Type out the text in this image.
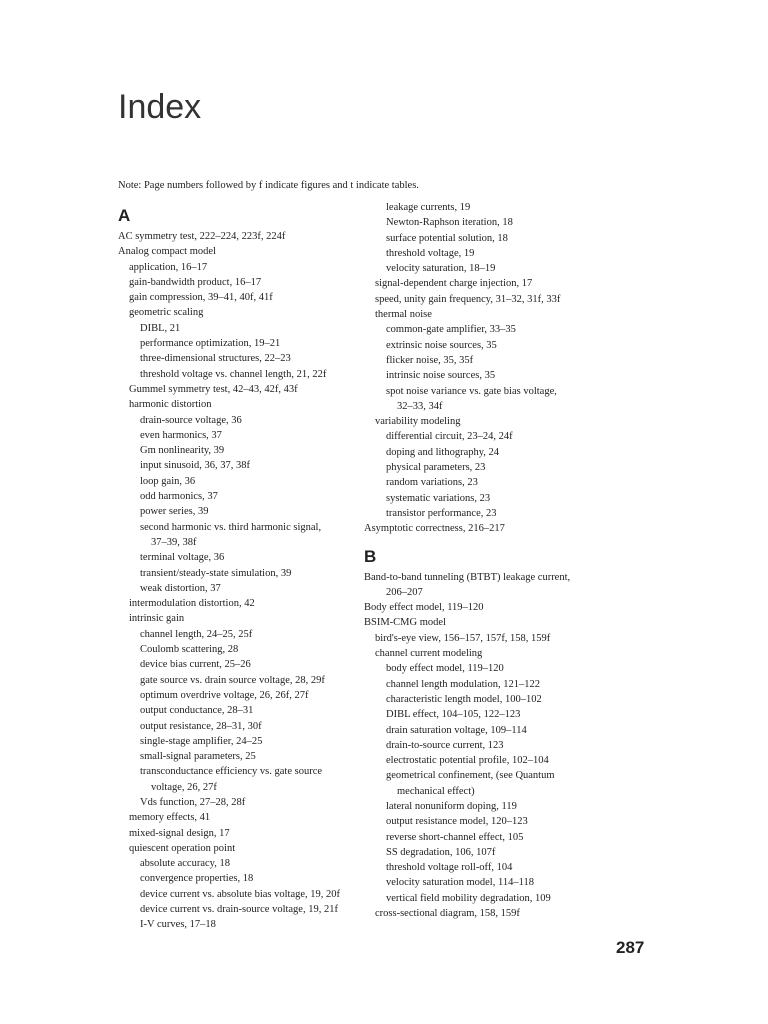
Index
Note: Page numbers followed by f indicate figures and t indicate tables.
A
AC symmetry test, 222–224, 223f, 224f
Analog compact model
application, 16–17
gain-bandwidth product, 16–17
gain compression, 39–41, 40f, 41f
geometric scaling
DIBL, 21
performance optimization, 19–21
three-dimensional structures, 22–23
threshold voltage vs. channel length, 21, 22f
Gummel symmetry test, 42–43, 42f, 43f
harmonic distortion
drain-source voltage, 36
even harmonics, 37
Gm nonlinearity, 39
input sinusoid, 36, 37, 38f
loop gain, 36
odd harmonics, 37
power series, 39
second harmonic vs. third harmonic signal,
37–39, 38f
terminal voltage, 36
transient/steady-state simulation, 39
weak distortion, 37
intermodulation distortion, 42
intrinsic gain
channel length, 24–25, 25f
Coulomb scattering, 28
device bias current, 25–26
gate source vs. drain source voltage, 28, 29f
optimum overdrive voltage, 26, 26f, 27f
output conductance, 28–31
output resistance, 28–31, 30f
single-stage amplifier, 24–25
small-signal parameters, 25
transconductance efficiency vs. gate source
voltage, 26, 27f
Vds function, 27–28, 28f
memory effects, 41
mixed-signal design, 17
quiescent operation point
absolute accuracy, 18
convergence properties, 18
device current vs. absolute bias voltage, 19, 20f
device current vs. drain-source voltage, 19, 21f
I-V curves, 17–18
leakage currents, 19
Newton-Raphson iteration, 18
surface potential solution, 18
threshold voltage, 19
velocity saturation, 18–19
signal-dependent charge injection, 17
speed, unity gain frequency, 31–32, 31f, 33f
thermal noise
common-gate amplifier, 33–35
extrinsic noise sources, 35
flicker noise, 35, 35f
intrinsic noise sources, 35
spot noise variance vs. gate bias voltage,
32–33, 34f
variability modeling
differential circuit, 23–24, 24f
doping and lithography, 24
physical parameters, 23
random variations, 23
systematic variations, 23
transistor performance, 23
Asymptotic correctness, 216–217
B
Band-to-band tunneling (BTBT) leakage current,
206–207
Body effect model, 119–120
BSIM-CMG model
bird's-eye view, 156–157, 157f, 158, 159f
channel current modeling
body effect model, 119–120
channel length modulation, 121–122
characteristic length model, 100–102
DIBL effect, 104–105, 122–123
drain saturation voltage, 109–114
drain-to-source current, 123
electrostatic potential profile, 102–104
geometrical confinement, (see Quantum
mechanical effect)
lateral nonuniform doping, 119
output resistance model, 120–123
reverse short-channel effect, 105
SS degradation, 106, 107f
threshold voltage roll-off, 104
velocity saturation model, 114–118
vertical field mobility degradation, 109
cross-sectional diagram, 158, 159f
287
